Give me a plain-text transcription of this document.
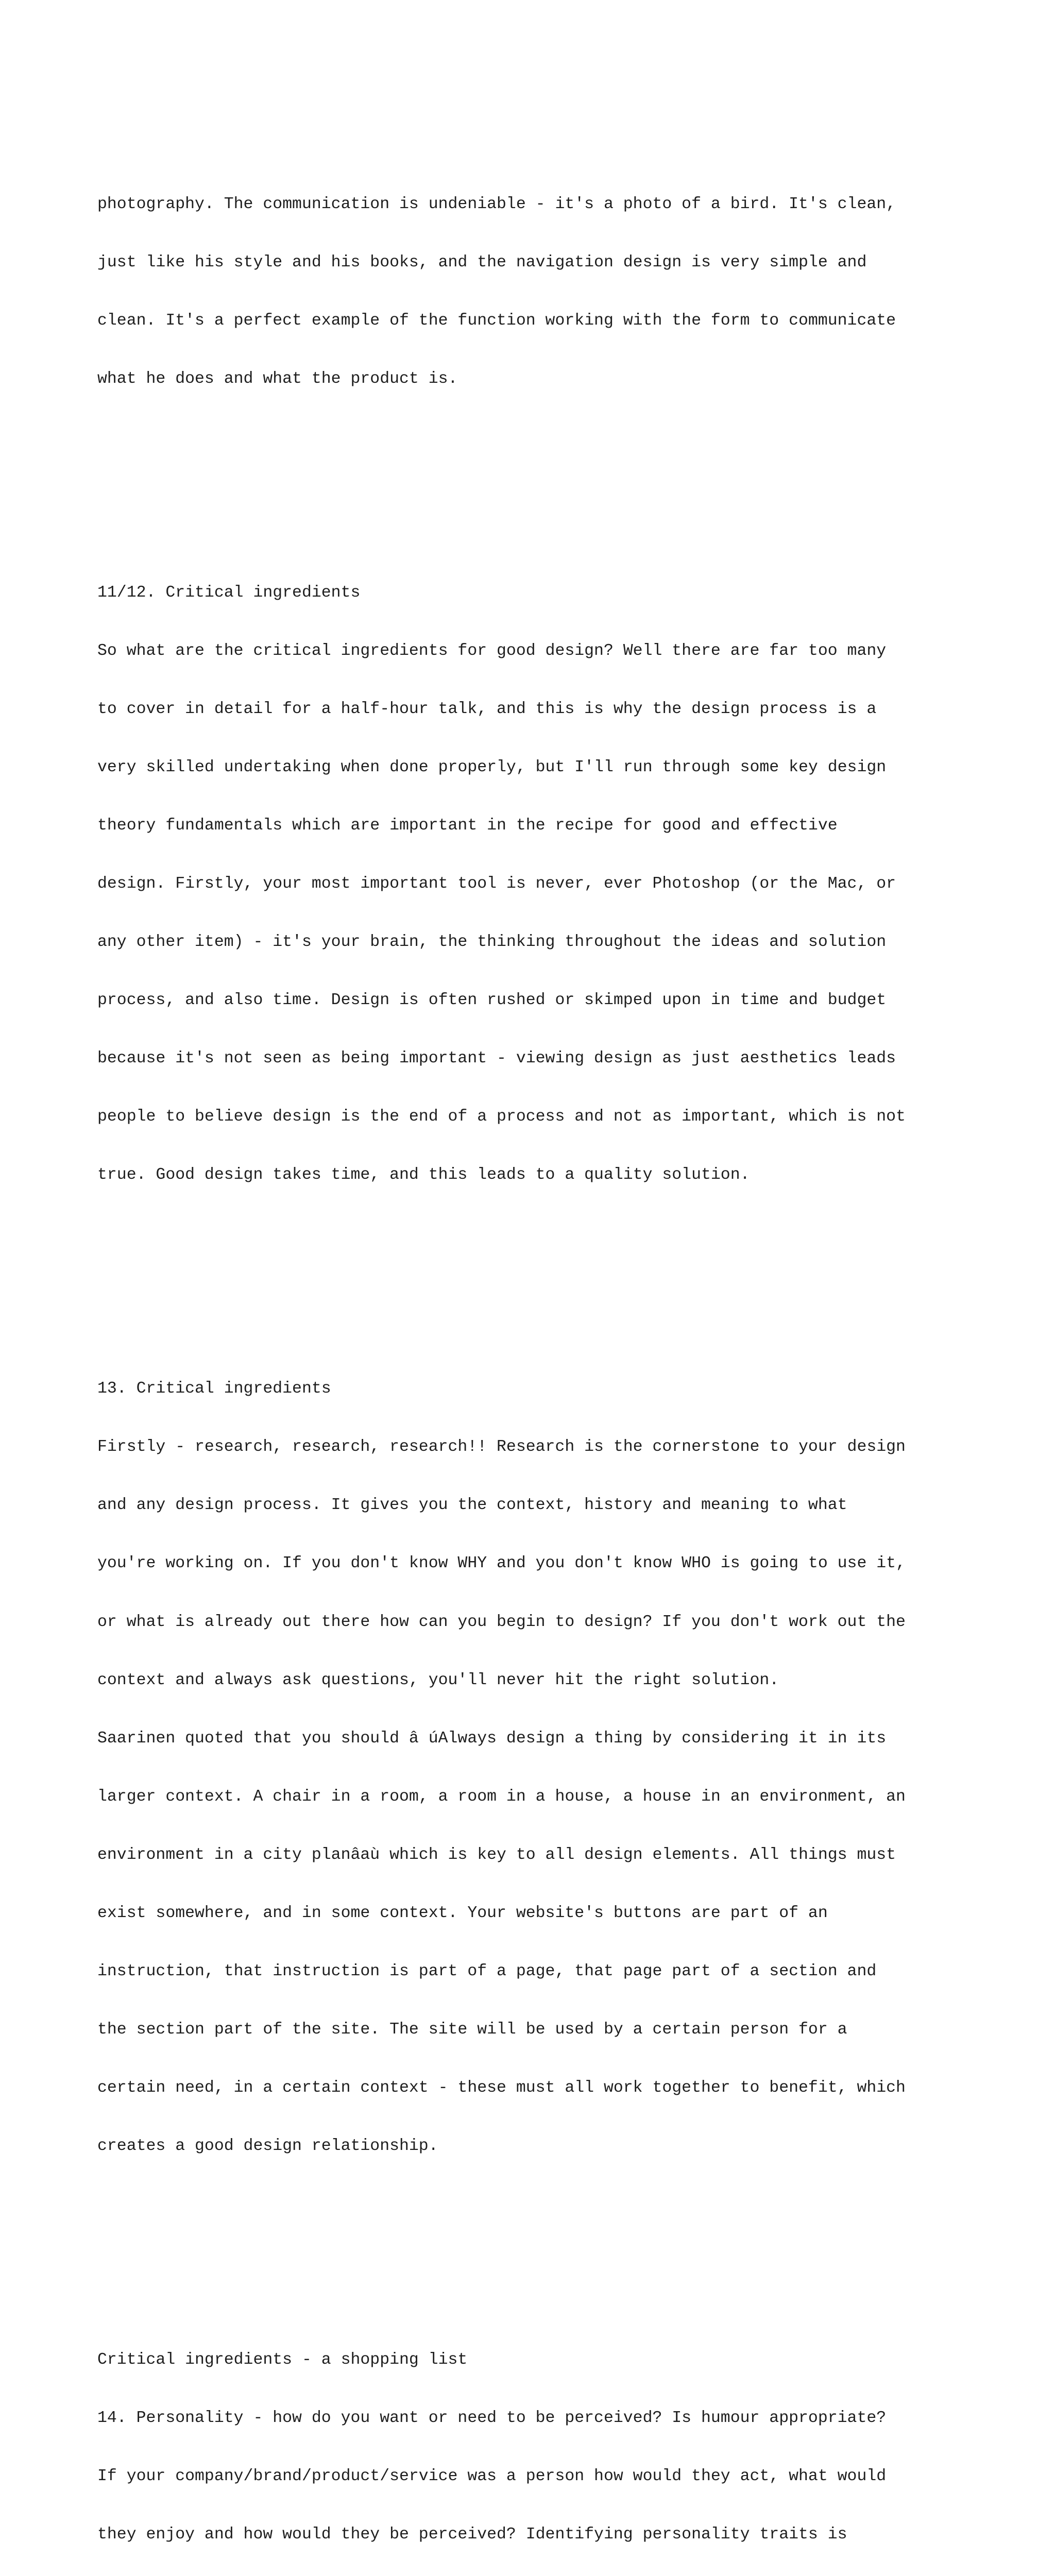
photography. The communication is undeniable - it's a photo of a bird. It's clean,

just like his style and his books, and the navigation design is very simple and

clean. It's a perfect example of the function working with the form to communicate

what he does and what the product is.

11/12. Critical ingredients

So what are the critical ingredients for good design? Well there are far too many

to cover in detail for a half-hour talk, and this is why the design process is a

very skilled undertaking when done properly, but I'll run through some key design

theory fundamentals which are important in the recipe for good and effective

design. Firstly, your most important tool is never, ever Photoshop (or the Mac, or

any other item) - it's your brain, the thinking throughout the ideas and solution

process, and also time. Design is often rushed or skimped upon in time and budget

because it's not seen as being important - viewing design as just aesthetics leads

people to believe design is the end of a process and not as important, which is not

true. Good design takes time, and this leads to a quality solution.

13. Critical ingredients

Firstly - research, research, research!! Research is the cornerstone to your design

and any design process. It gives you the context, history and meaning to what

you're working on. If you don't know WHY and you don't know WHO is going to use it,

or what is already out there how can you begin to design? If you don't work out the

context and always ask questions, you'll never hit the right solution.

Saarinen quoted that you should â úAlways design a thing by considering it in its

larger context. A chair in a room, a room in a house, a house in an environment, an

environment in a city planâaù which is key to all design elements. All things must

exist somewhere, and in some context. Your website's buttons are part of an

instruction, that instruction is part of a page, that page part of a section and

the section part of the site. The site will be used by a certain person for a

certain need, in a certain context - these must all work together to benefit, which

creates a good design relationship.

Critical ingredients - a shopping list

14. Personality - how do you want or need to be perceived? Is humour appropriate?

If your company/brand/product/service was a person how would they act, what would

they enjoy and how would they be perceived? Identifying personality traits is
